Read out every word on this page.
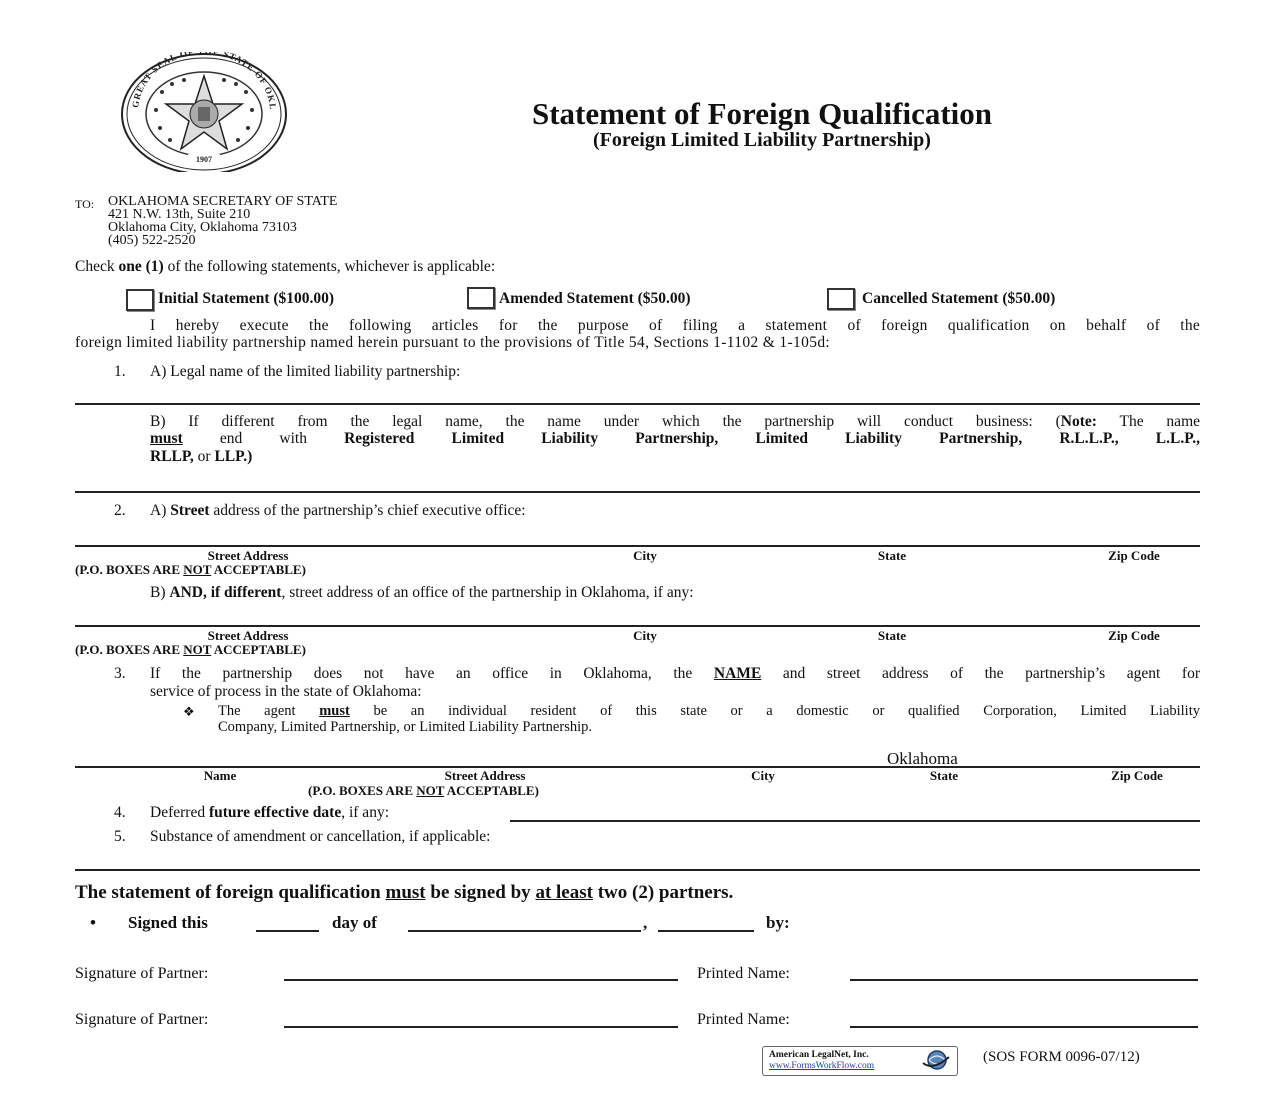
GREAT SEAL OF E STATE OF OKL
1907
Statement of Foreign Qualification
(Foreign Limited Liability Partnership)
TO: OKLAHOMA SECRETARY OF STATE
421 N.W. 13th, Suite 210
Oklahoma City, Oklahoma 73103
(405) 522-2520
Check one (1) of the following statements, whichever is applicable:
Initial Statement ($100.00)	Amended Statement ($50.00)	Cancelled Statement ($50.00)
I hereby execute the following articles for the purpose of filing a statement of foreign qualification on behalf of the
foreign limited liability partnership named herein pursuant to the provisions of Title 54, Sections 1-1102 & 1-105d:
1. A) Legal name of the limited liability partnership:
B) If different from the legal name, the name under which the partnership will conduct business: (Note: The name
must end with Registered Limited Liability Partnership, Limited Liability Partnership, R.L.L.P., L.L.P.,
RLLP, or LLP.)
2. A) Street address of the partnership’s chief executive office:
Street Address	City	State	Zip Code
(P.O. BOXES ARE NOT ACCEPTABLE)
B) AND, if different, street address of an office of the partnership in Oklahoma, if any:
Street Address	City	State	Zip Code
(P.O. BOXES ARE NOT ACCEPTABLE)
3. If the partnership does not have an office in Oklahoma, the NAME and street address of the partnership’s agent for
service of process in the state of Oklahoma:
❖ The agent must be an individual resident of this state or a domestic or qualified Corporation, Limited Liability
Company, Limited Partnership, or Limited Liability Partnership.
Oklahoma
Name	Street Address	City	State	Zip Code
(P.O. BOXES ARE NOT ACCEPTABLE)
4. Deferred future effective date, if any:
5. Substance of amendment or cancellation, if applicable:
The statement of foreign qualification must be signed by at least two (2) partners.
• Signed this	day of	,	by:
Signature of Partner:	Printed Name:
Signature of Partner:	Printed Name:
American LegalNet, Inc.
www.FormsWorkFlow.com
(SOS FORM 0096-07/12)
